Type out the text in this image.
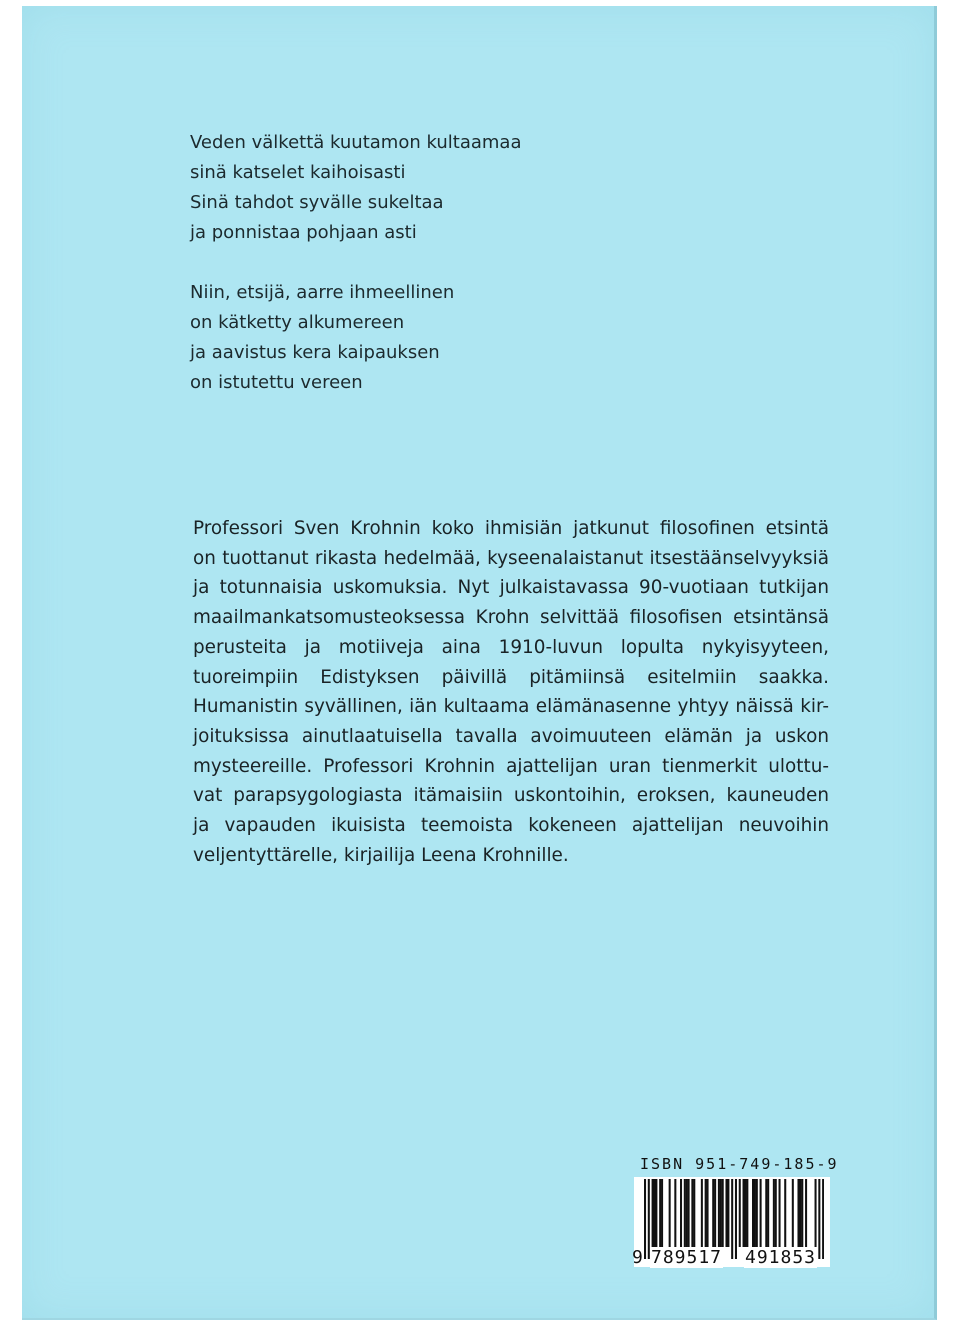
Veden välkettä kuutamon kultaamaa
sinä katselet kaihoisasti
Sinä tahdot syvälle sukeltaa
ja ponnistaa pohjaan asti
Niin, etsijä, aarre ihmeellinen
on kätketty alkumereen
ja aavistus kera kaipauksen
on istutettu vereen
Professori Sven Krohnin koko ihmisiän jatkunut filosofinen etsintä
on tuottanut rikasta hedelmää, kyseenalaistanut itsestäänselvyyksiä
ja totunnaisia uskomuksia. Nyt julkaistavassa 90-vuotiaan tutkijan
maailmankatsomusteoksessa Krohn selvittää filosofisen etsintänsä
perusteita ja motiiveja aina 1910-luvun lopulta nykyisyyteen,
tuoreimpiin Edistyksen päivillä pitämiinsä esitelmiin saakka.
Humanistin syvällinen, iän kultaama elämänasenne yhtyy näissä kir-
joituksissa ainutlaatuisella tavalla avoimuuteen elämän ja uskon
mysteereille. Professori Krohnin ajattelijan uran tienmerkit ulottu-
vat parapsygologiasta itämaisiin uskontoihin, eroksen, kauneuden
ja vapauden ikuisista teemoista kokeneen ajattelijan neuvoihin
veljentyttärelle, kirjailija Leena Krohnille.
ISBN 951-749-185-9
9 789517 491853
